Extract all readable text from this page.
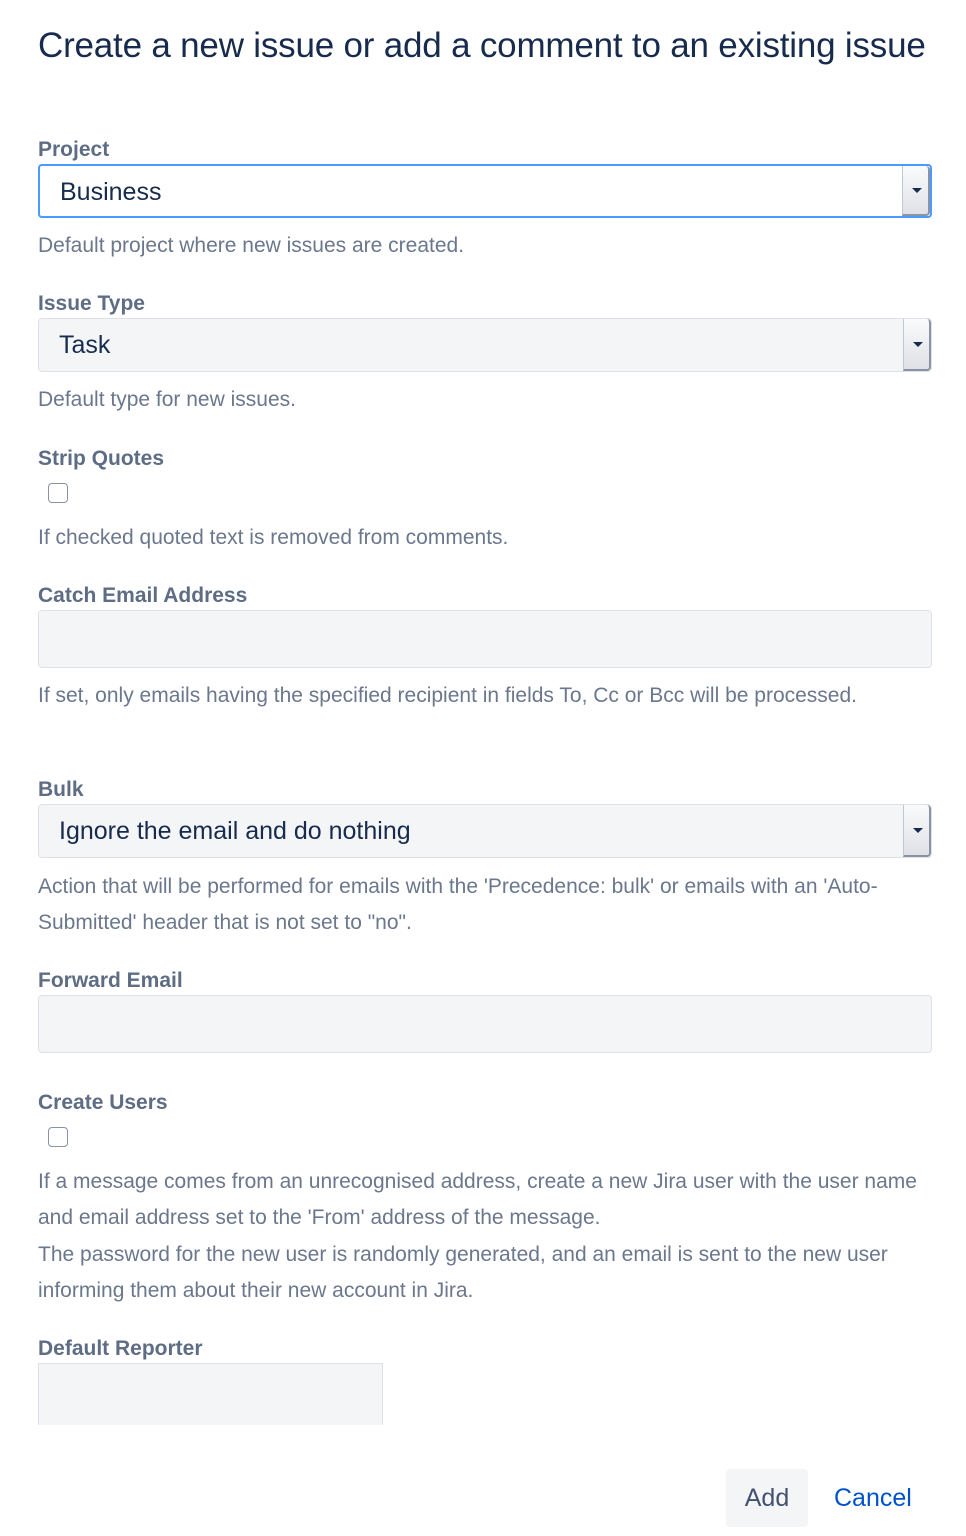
Create a new issue or add a comment to an existing issue
Project
Business
Default project where new issues are created.
Issue Type
Task
Default type for new issues.
Strip Quotes
If checked quoted text is removed from comments.
Catch Email Address
If set, only emails having the specified recipient in fields To, Cc or Bcc will be processed.
Bulk
Ignore the email and do nothing
Action that will be performed for emails with the 'Precedence: bulk' or emails with an 'Auto-Submitted' header that is not set to "no".
Forward Email
Create Users
If a message comes from an unrecognised address, create a new Jira user with the user name and email address set to the 'From' address of the message.
The password for the new user is randomly generated, and an email is sent to the new user informing them about their new account in Jira.
Default Reporter
Add	Cancel
